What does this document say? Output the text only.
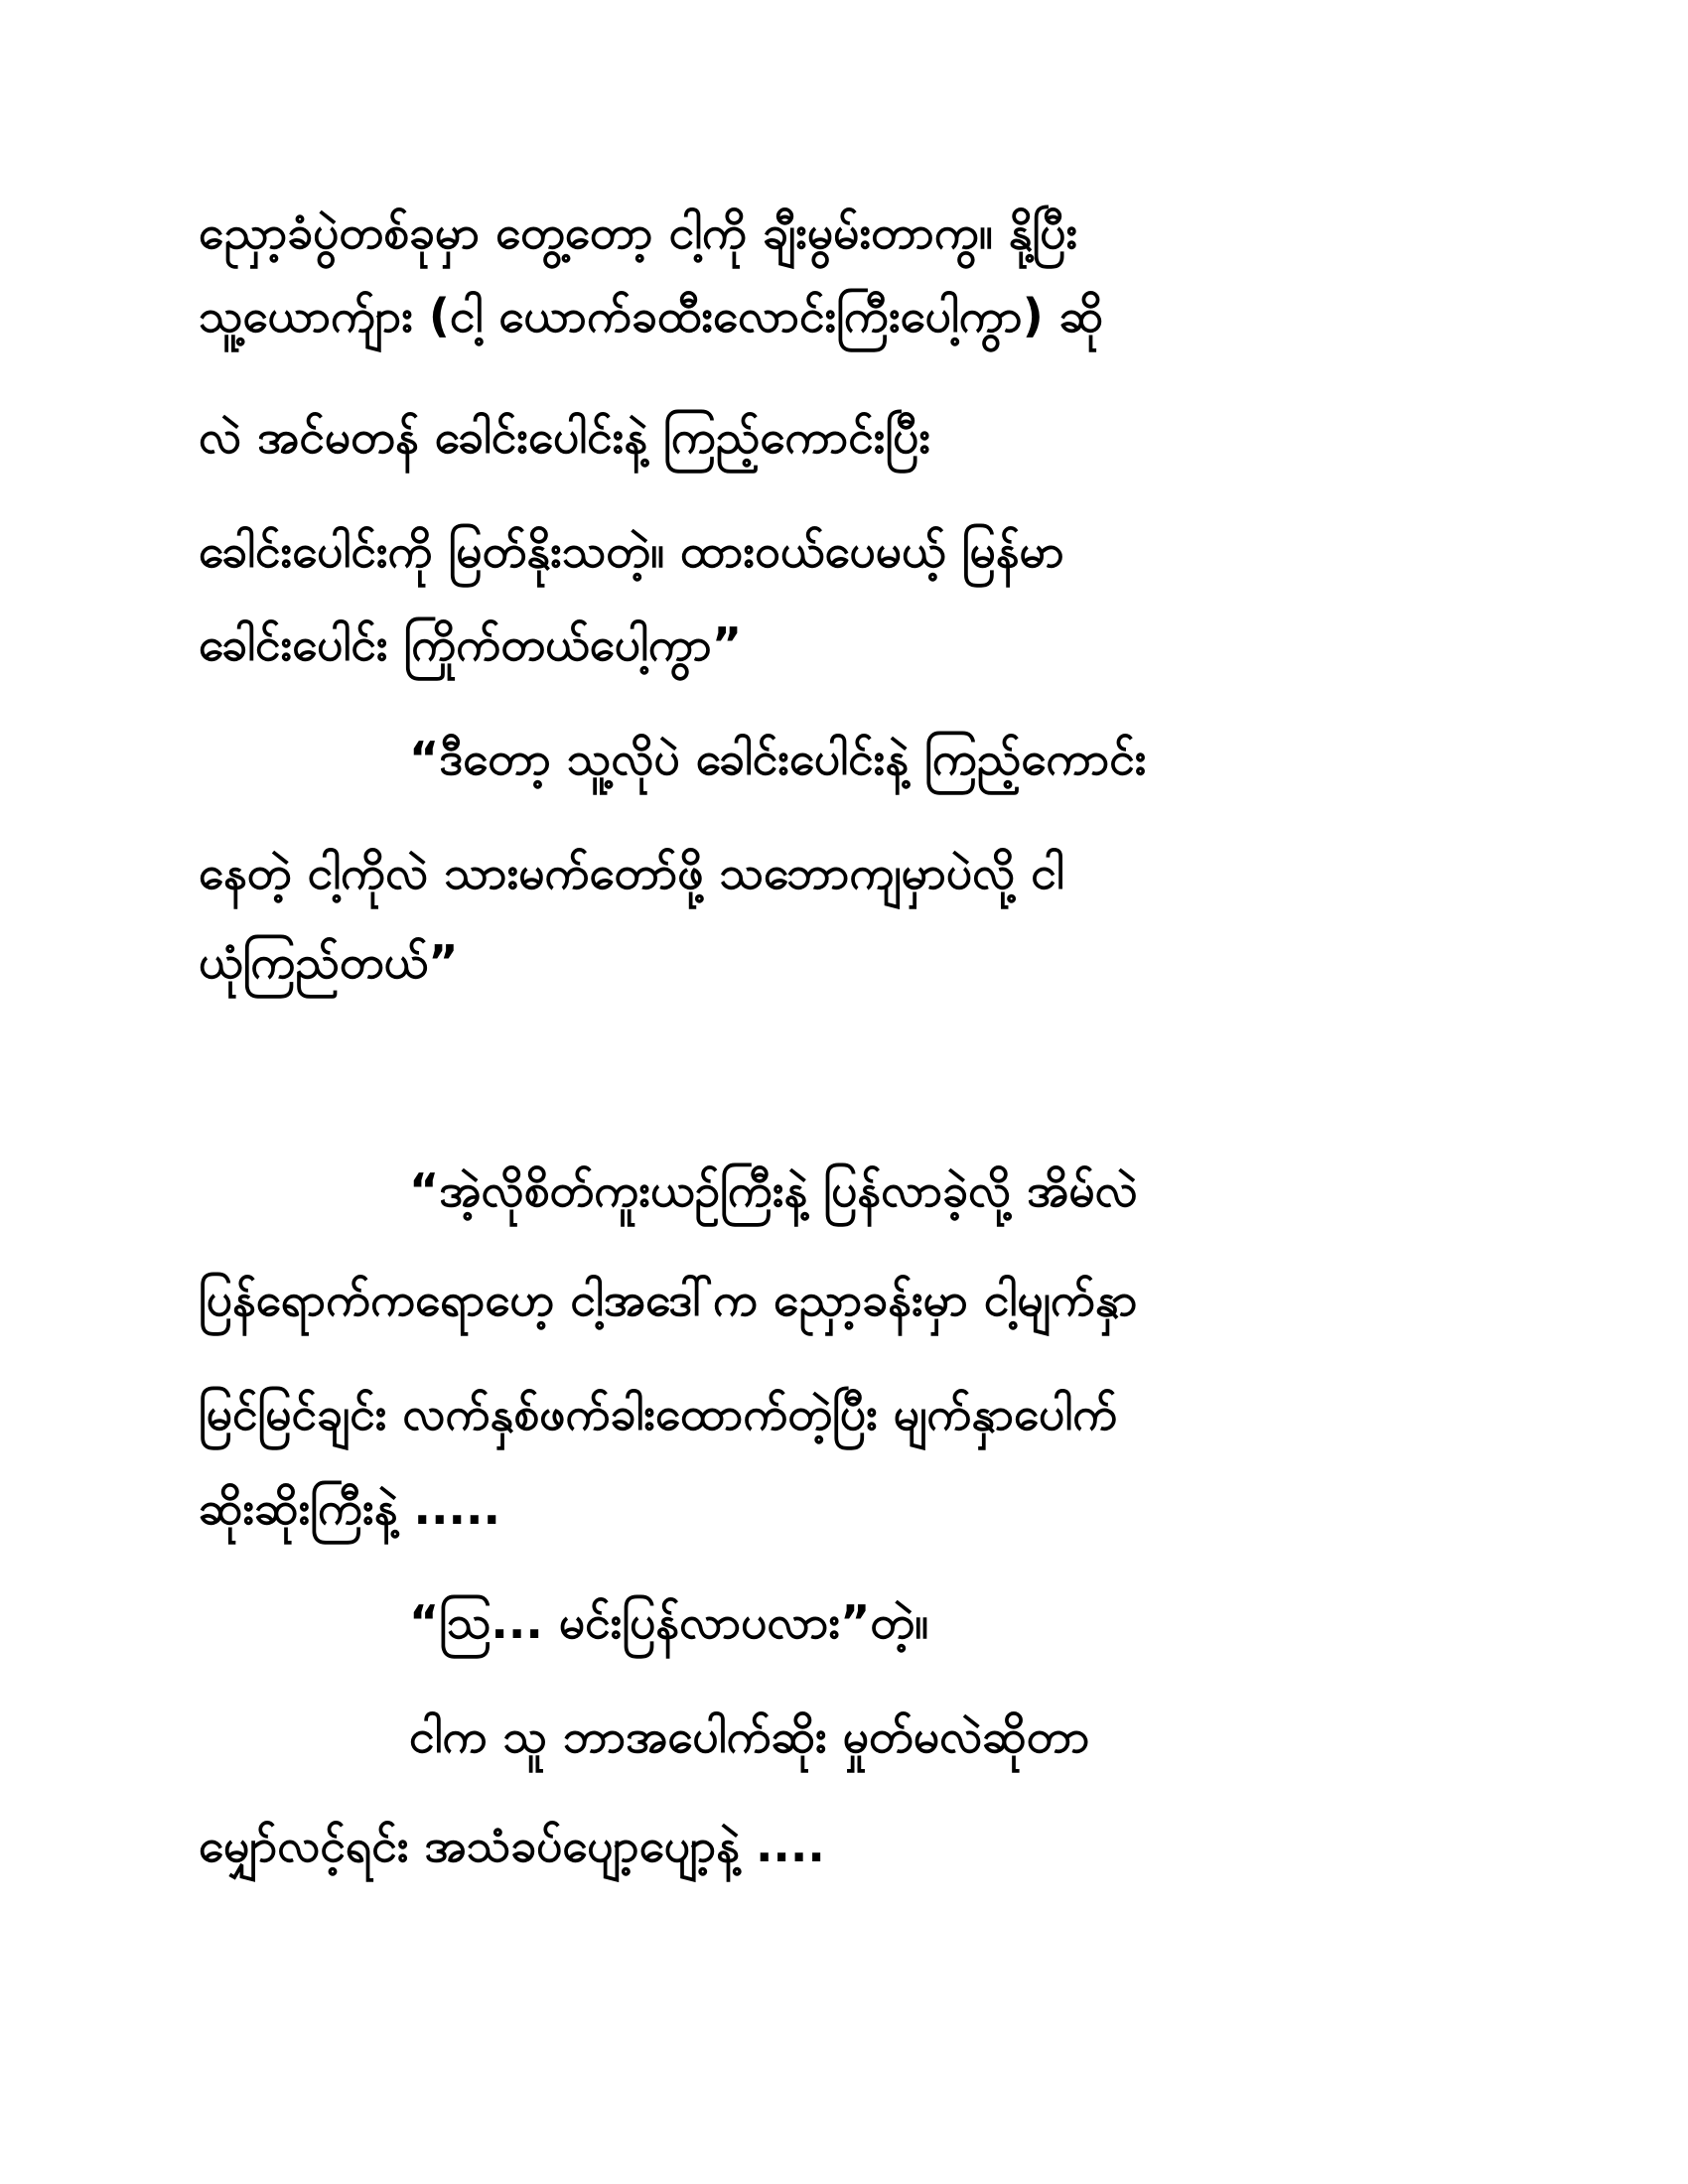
ညှော့ခံပွဲတစ်ခုမှာ တွေ့တော့ ငါ့ကို ချီးမွမ်းတာကွ။ နို့ပြီး

သူ့ယောက်ျား (ငါ့ ယောက်ခထီးလောင်းကြီးပေါ့ကွာ) ဆို

လဲ အင်မတန် ခေါင်းပေါင်းနဲ့ ကြည့်ကောင်းပြီး

ခေါင်းပေါင်းကို မြတ်နိုးသတဲ့။ ထားဝယ်ပေမယ့် မြန်မာ

ခေါင်းပေါင်း ကြိုက်တယ်ပေါ့ကွာ”

“ဒီတော့ သူ့လိုပဲ ခေါင်းပေါင်းနဲ့ ကြည့်ကောင်း

နေတဲ့ ငါ့ကိုလဲ သားမက်တော်ဖို့ သဘောကျမှာပဲလို့ ငါ

ယုံကြည်တယ်”

“အဲ့လိုစိတ်ကူးယဉ်ကြီးနဲ့ ပြန်လာခဲ့လို့ အိမ်လဲ

ပြန်ရောက်ကရောဟေ့ ငါ့အဒေါ်က ညှော့ခန်းမှာ ငါ့မျက်နှာ

မြင်မြင်ချင်း လက်နှစ်ဖက်ခါးထောက်တဲ့ပြီး မျက်နှာပေါက်

ဆိုးဆိုးကြီးနဲ့ .....

“သြ... မင်းပြန်လာပလား”တဲ့။

ငါက သူ ဘာအပေါက်ဆိုး မှုတ်မလဲဆိုတာ

မျှော်လင့်ရင်း အသံခပ်ပျော့ပျော့နဲ့ ....
